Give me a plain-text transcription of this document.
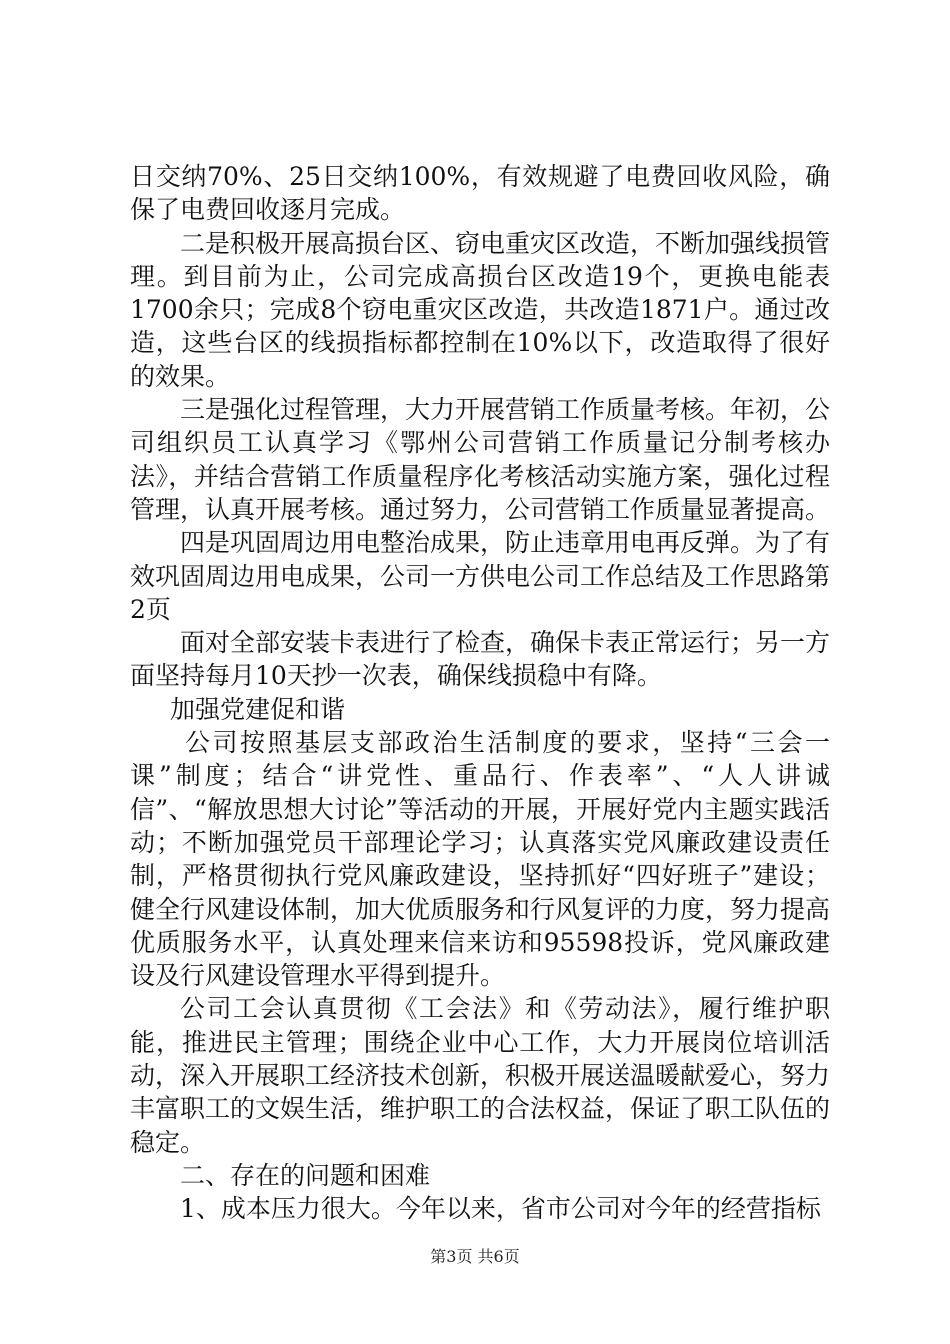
日交纳70%、25日交纳100%，有效规避了电费回收风险，确保了电费回收逐月完成。

二是积极开展高损台区、窃电重灾区改造，不断加强线损管理。到目前为止，公司完成高损台区改造19个，更换电能表1700余只；完成8个窃电重灾区改造，共改造1871户。通过改造，这些台区的线损指标都控制在10%以下，改造取得了很好的效果。

三是强化过程管理，大力开展营销工作质量考核。年初，公司组织员工认真学习《鄂州公司营销工作质量记分制考核办法》，并结合营销工作质量程序化考核活动实施方案，强化过程管理，认真开展考核。通过努力，公司营销工作质量显著提高。

四是巩固周边用电整治成果，防止违章用电再反弹。为了有效巩固周边用电成果，公司一方供电公司工作总结及工作思路第2页

面对全部安装卡表进行了检查，确保卡表正常运行；另一方面坚持每月10天抄一次表，确保线损稳中有降。

加强党建促和谐

公司按照基层支部政治生活制度的要求，坚持“三会一课”制度；结合“讲党性、重品行、作表率”、“人人讲诚信”、“解放思想大讨论”等活动的开展，开展好党内主题实践活动；不断加强党员干部理论学习；认真落实党风廉政建设责任制，严格贯彻执行党风廉政建设，坚持抓好“四好班子”建设；健全行风建设体制，加大优质服务和行风复评的力度，努力提高优质服务水平，认真处理来信来访和95598投诉，党风廉政建设及行风建设管理水平得到提升。

公司工会认真贯彻《工会法》和《劳动法》，履行维护职能，推进民主管理；围绕企业中心工作，大力开展岗位培训活动，深入开展职工经济技术创新，积极开展送温暖献爱心，努力丰富职工的文娱生活，维护职工的合法权益，保证了职工队伍的稳定。

二、存在的问题和困难

1、成本压力很大。今年以来，省市公司对今年的经营指标

第3页 共6页
